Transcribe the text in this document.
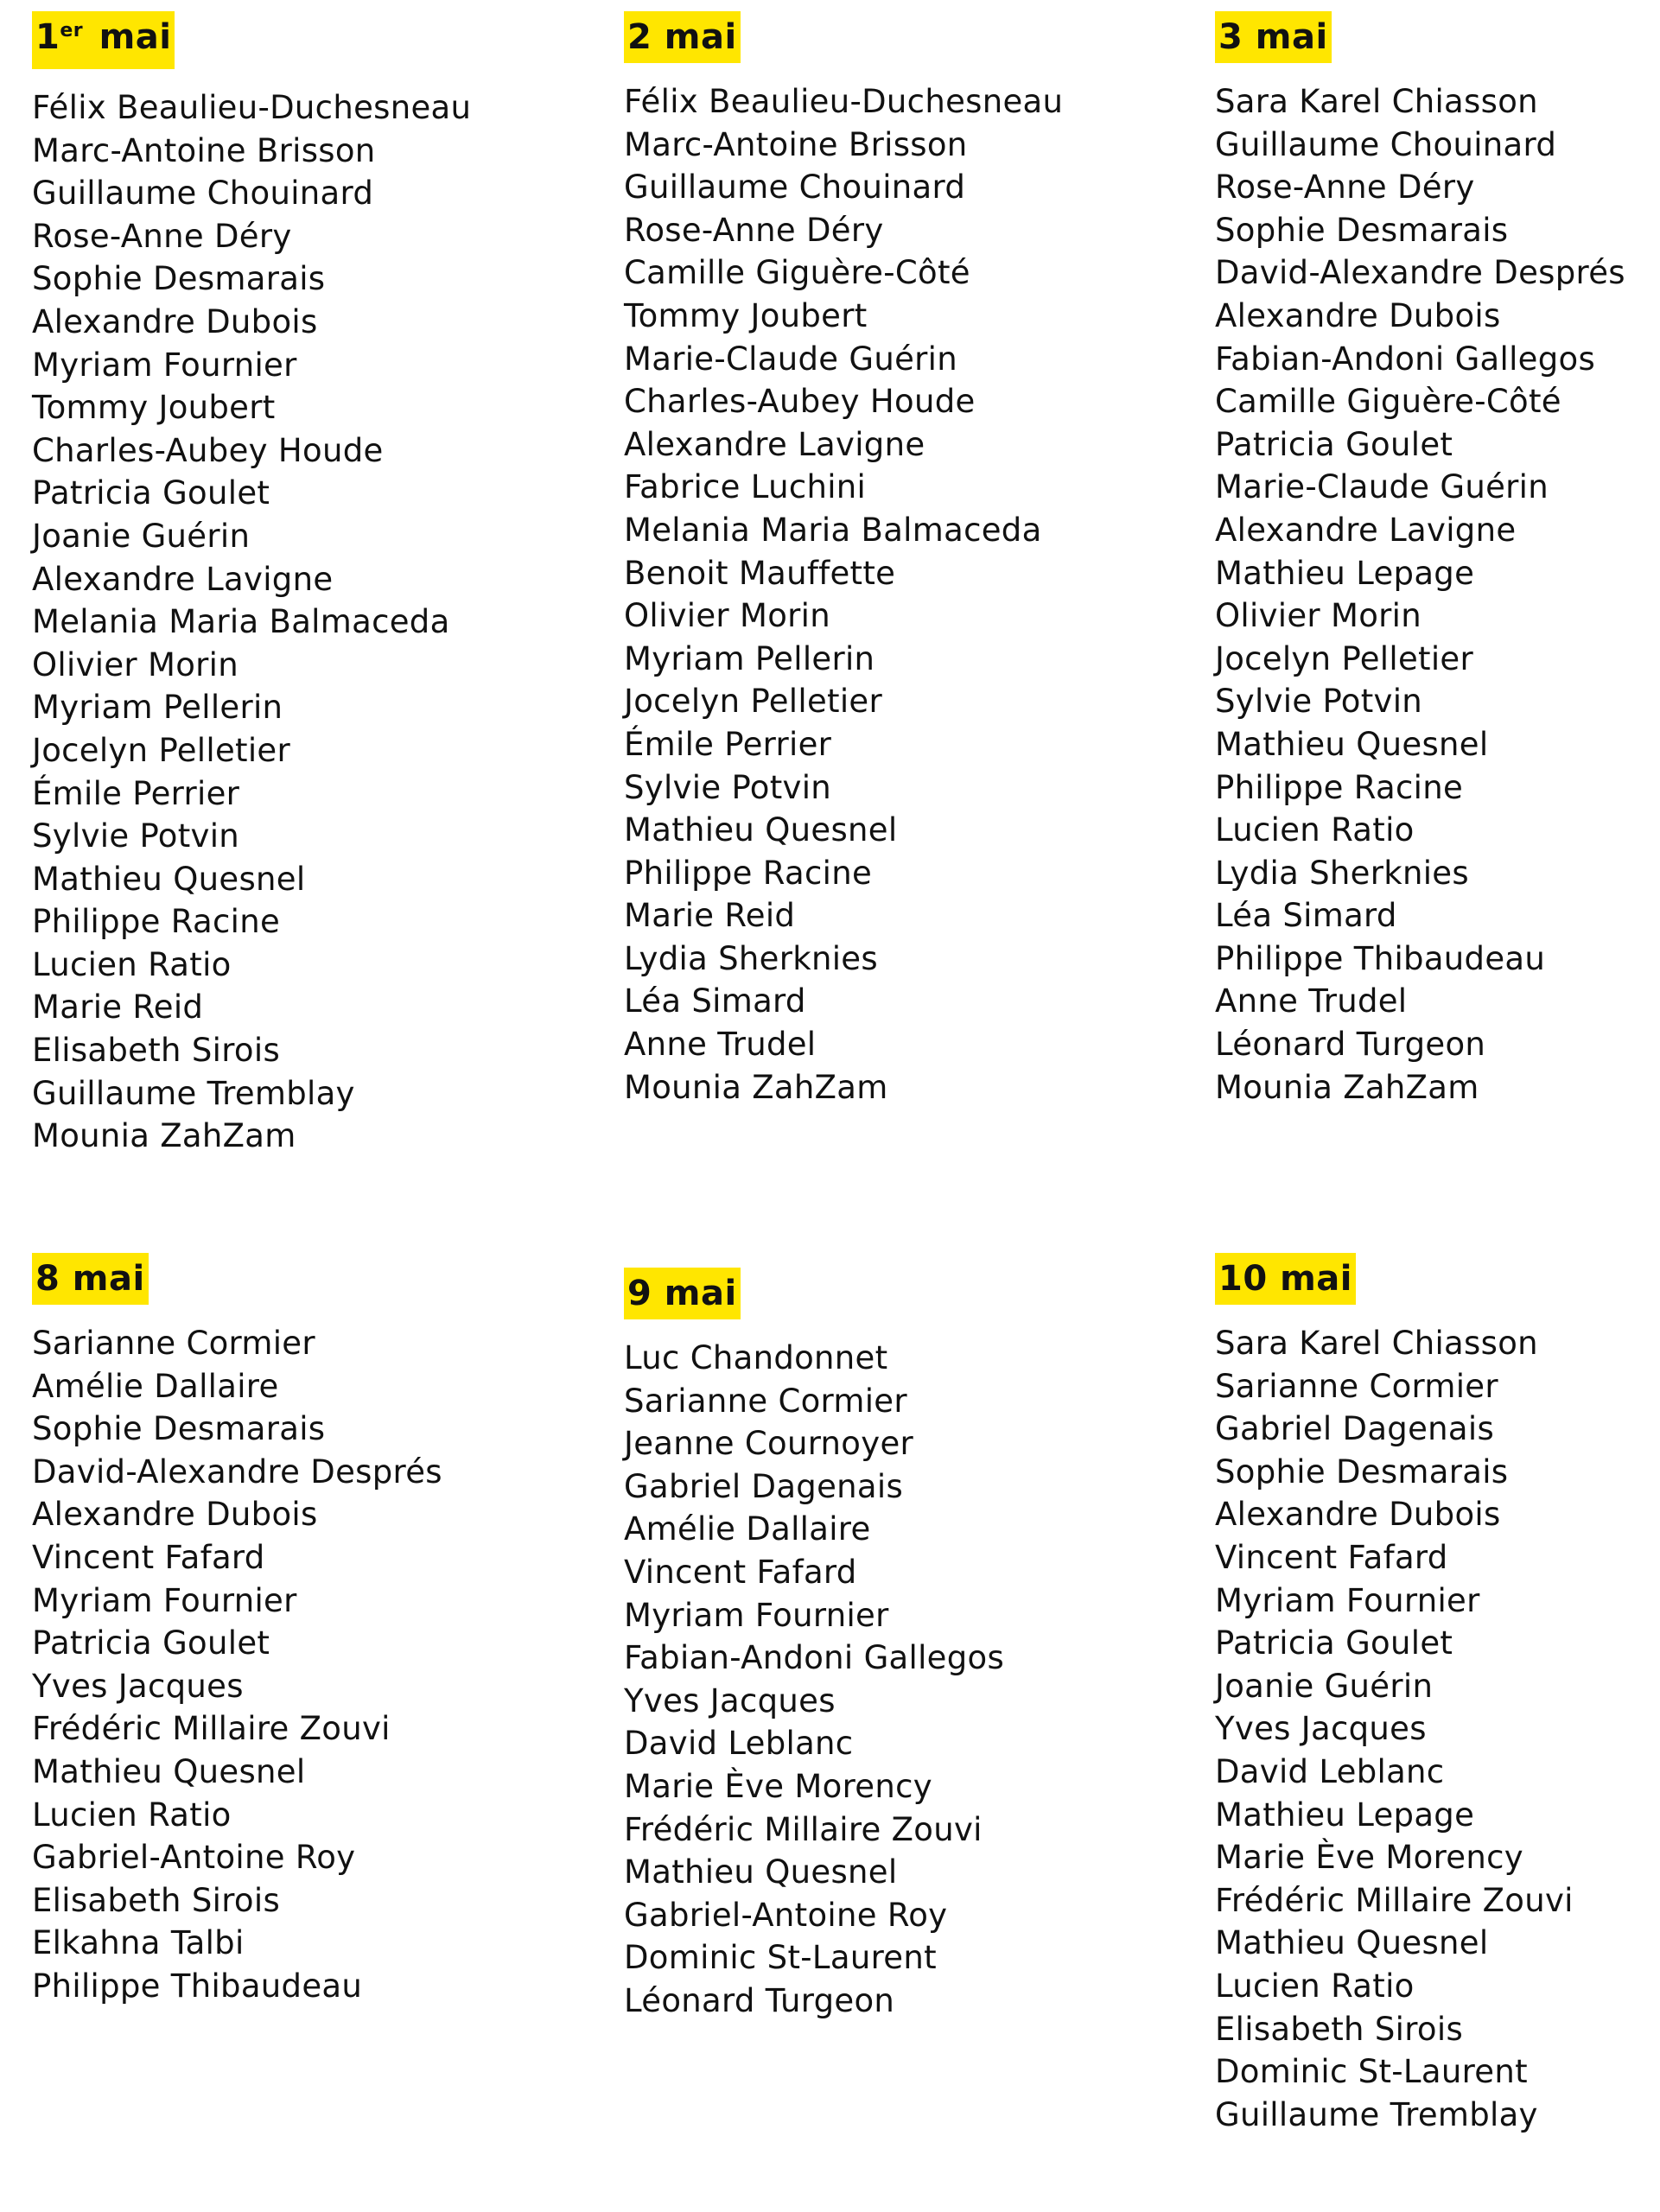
1er mai
Félix Beaulieu-Duchesneau
Marc-Antoine Brisson
Guillaume Chouinard
Rose-Anne Déry
Sophie Desmarais
Alexandre Dubois
Myriam Fournier
Tommy Joubert
Charles-Aubey Houde
Patricia Goulet
Joanie Guérin
Alexandre Lavigne
Melania Maria Balmaceda
Olivier Morin
Myriam Pellerin
Jocelyn Pelletier
Émile Perrier
Sylvie Potvin
Mathieu Quesnel
Philippe Racine
Lucien Ratio
Marie Reid
Elisabeth Sirois
Guillaume Tremblay
Mounia ZahZam
2 mai
Félix Beaulieu-Duchesneau
Marc-Antoine Brisson
Guillaume Chouinard
Rose-Anne Déry
Camille Giguère-Côté
Tommy Joubert
Marie-Claude Guérin
Charles-Aubey Houde
Alexandre Lavigne
Fabrice Luchini
Melania Maria Balmaceda
Benoit Mauffette
Olivier Morin
Myriam Pellerin
Jocelyn Pelletier
Émile Perrier
Sylvie Potvin
Mathieu Quesnel
Philippe Racine
Marie Reid
Lydia Sherknies
Léa Simard
Anne Trudel
Mounia ZahZam
3 mai
Sara Karel Chiasson
Guillaume Chouinard
Rose-Anne Déry
Sophie Desmarais
David-Alexandre Després
Alexandre Dubois
Fabian-Andoni Gallegos
Camille Giguère-Côté
Patricia Goulet
Marie-Claude Guérin
Alexandre Lavigne
Mathieu Lepage
Olivier Morin
Jocelyn Pelletier
Sylvie Potvin
Mathieu Quesnel
Philippe Racine
Lucien Ratio
Lydia Sherknies
Léa Simard
Philippe Thibaudeau
Anne Trudel
Léonard Turgeon
Mounia ZahZam
8 mai
Sarianne Cormier
Amélie Dallaire
Sophie Desmarais
David-Alexandre Després
Alexandre Dubois
Vincent Fafard
Myriam Fournier
Patricia Goulet
Yves Jacques
Frédéric Millaire Zouvi
Mathieu Quesnel
Lucien Ratio
Gabriel-Antoine Roy
Elisabeth Sirois
Elkahna Talbi
Philippe Thibaudeau
9 mai
Luc Chandonnet
Sarianne Cormier
Jeanne Cournoyer
Gabriel Dagenais
Amélie Dallaire
Vincent Fafard
Myriam Fournier
Fabian-Andoni Gallegos
Yves Jacques
David Leblanc
Marie Ève Morency
Frédéric Millaire Zouvi
Mathieu Quesnel
Gabriel-Antoine Roy
Dominic St-Laurent
Léonard Turgeon
10 mai
Sara Karel Chiasson
Sarianne Cormier
Gabriel Dagenais
Sophie Desmarais
Alexandre Dubois
Vincent Fafard
Myriam Fournier
Patricia Goulet
Joanie Guérin
Yves Jacques
David Leblanc
Mathieu Lepage
Marie Ève Morency
Frédéric Millaire Zouvi
Mathieu Quesnel
Lucien Ratio
Elisabeth Sirois
Dominic St-Laurent
Guillaume Tremblay
